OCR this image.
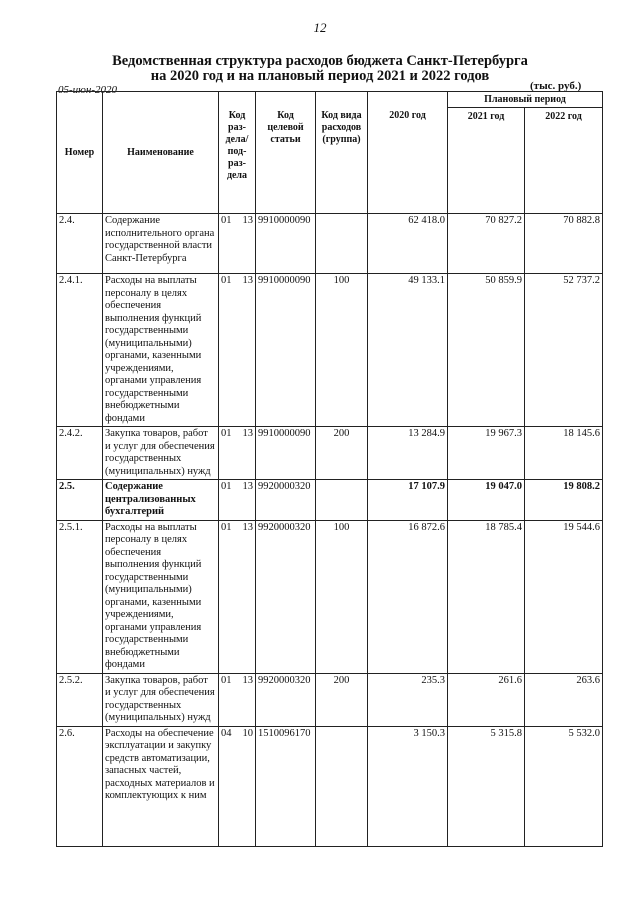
12
Ведомственная структура расходов бюджета Санкт-Петербурга
на 2020 год и на плановый период 2021 и 2022 годов
05-июн-2020	(тыс. руб.)
Номер	Наименование	Код раз-дела/ под-раз-дела	Код целевой статьи	Код вида расходов (группа)	2020 год	Плановый период	
						2021 год	2022 год
2.4.	Содержание исполнительного органа государственной власти Санкт-Петербурга	01 13	9910000090		62 418.0	70 827.2	70 882.8
2.4.1.	Расходы на выплаты персоналу в целях обеспечения выполнения функций государственными (муниципальными) органами, казенными учреждениями, органами управления государственными внебюджетными фондами	01 13	9910000090	100	49 133.1	50 859.9	52 737.2
2.4.2.	Закупка товаров, работ и услуг для обеспечения государственных (муниципальных) нужд	01 13	9910000090	200	13 284.9	19 967.3	18 145.6
2.5.	Содержание централизованных бухгалтерий	01 13	9920000320		17 107.9	19 047.0	19 808.2
2.5.1.	Расходы на выплаты персоналу в целях обеспечения выполнения функций государственными (муниципальными) органами, казенными учреждениями, органами управления государственными внебюджетными фондами	01 13	9920000320	100	16 872.6	18 785.4	19 544.6
2.5.2.	Закупка товаров, работ и услуг для обеспечения государственных (муниципальных) нужд	01 13	9920000320	200	235.3	261.6	263.6
2.6.	Расходы на обеспечение эксплуатации и закупку средств автоматизации, запасных частей, расходных материалов и комплектующих к ним	04 10	1510096170		3 150.3	5 315.8	5 532.0
